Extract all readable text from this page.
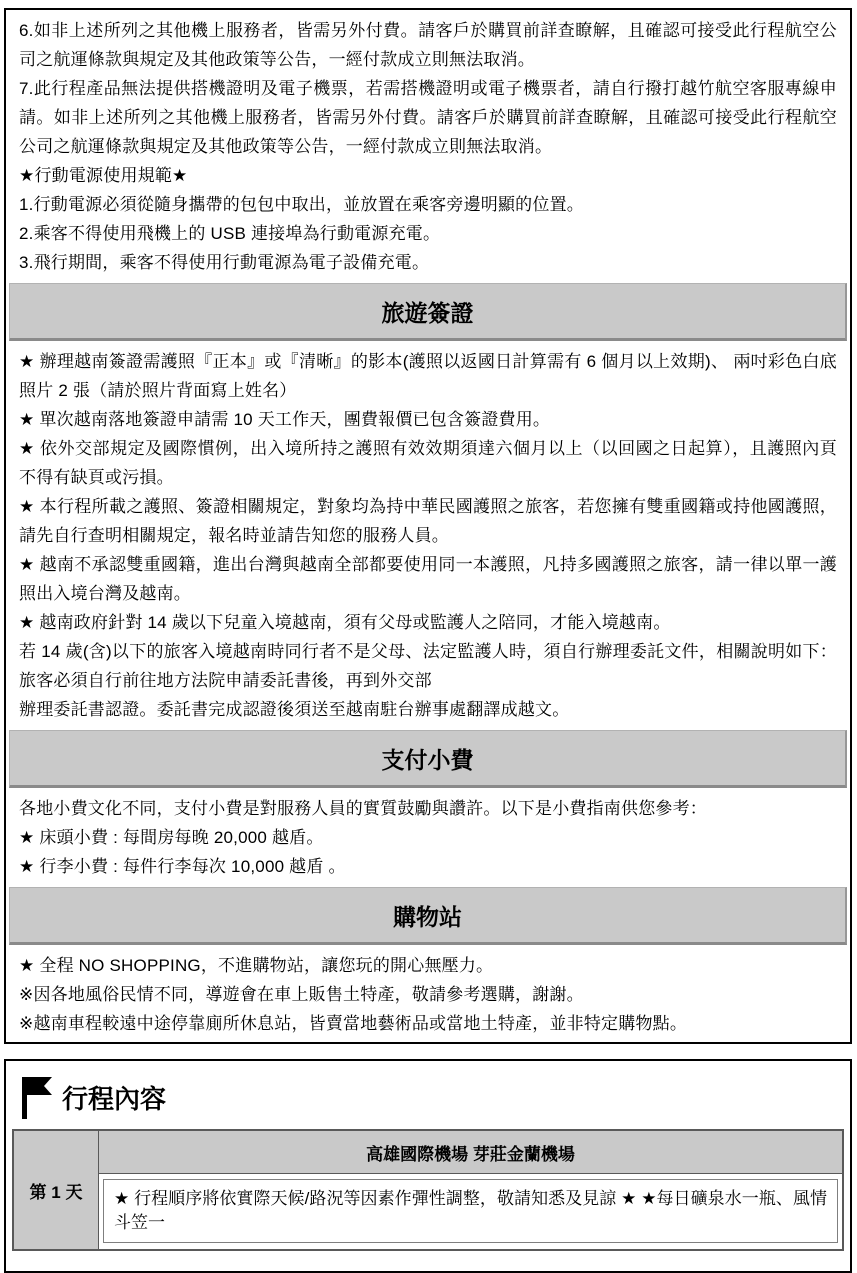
6.如非上述所列之其他機上服務者，皆需另外付費。請客戶於購買前詳查瞭解，且確認可接受此行程航空公司之航運條款與規定及其他政策等公告，一經付款成立則無法取消。

7.此行程產品無法提供搭機證明及電子機票，若需搭機證明或電子機票者，請自行撥打越竹航空客服專線申請。如非上述所列之其他機上服務者，皆需另外付費。請客戶於購買前詳查瞭解，且確認可接受此行程航空公司之航運條款與規定及其他政策等公告，一經付款成立則無法取消。

★行動電源使用規範★

1.行動電源必須從隨身攜帶的包包中取出，並放置在乘客旁邊明顯的位置。

2.乘客不得使用飛機上的 USB 連接埠為行動電源充電。

3.飛行期間，乘客不得使用行動電源為電子設備充電。

旅遊簽證

★ 辦理越南簽證需護照『正本』或『清晰』的影本(護照以返國日計算需有 6 個月以上效期)、 兩吋彩色白底照片 2 張（請於照片背面寫上姓名）

★ 單次越南落地簽證申請需 10 天工作天，團費報價已包含簽證費用。

★ 依外交部規定及國際慣例，出入境所持之護照有效效期須達六個月以上（以回國之日起算），且護照內頁不得有缺頁或污損。

★ 本行程所載之護照、簽證相關規定，對象均為持中華民國護照之旅客，若您擁有雙重國籍或持他國護照，請先自行查明相關規定，報名時並請告知您的服務人員。

★ 越南不承認雙重國籍，進出台灣與越南全部都要使用同一本護照，凡持多國護照之旅客，請一律以單一護照出入境台灣及越南。

★ 越南政府針對 14 歲以下兒童入境越南，須有父母或監護人之陪同，才能入境越南。

若 14 歲(含)以下的旅客入境越南時同行者不是父母、法定監護人時，須自行辦理委託文件，相關說明如下： 旅客必須自行前往地方法院申請委託書後，再到外交部

辦理委託書認證。委託書完成認證後須送至越南駐台辦事處翻譯成越文。

支付小費

各地小費文化不同，支付小費是對服務人員的實質鼓勵與讚許。以下是小費指南供您參考：

★ 床頭小費 : 每間房每晚 20,000 越盾。

★ 行李小費 : 每件行李每次 10,000 越盾 。

購物站

★ 全程 NO SHOPPING，不進購物站，讓您玩的開心無壓力。

※因各地風俗民情不同，導遊會在車上販售土特產，敬請參考選購，謝謝。

※越南車程較遠中途停靠廁所休息站，皆賣當地藝術品或當地土特產，並非特定購物點。

行程內容
第 1 天
高雄國際機場 芽莊金蘭機場
★ 行程順序將依實際天候/路況等因素作彈性調整，敬請知悉及見諒 ★ ★每日礦泉水一瓶、風情斗笠一
